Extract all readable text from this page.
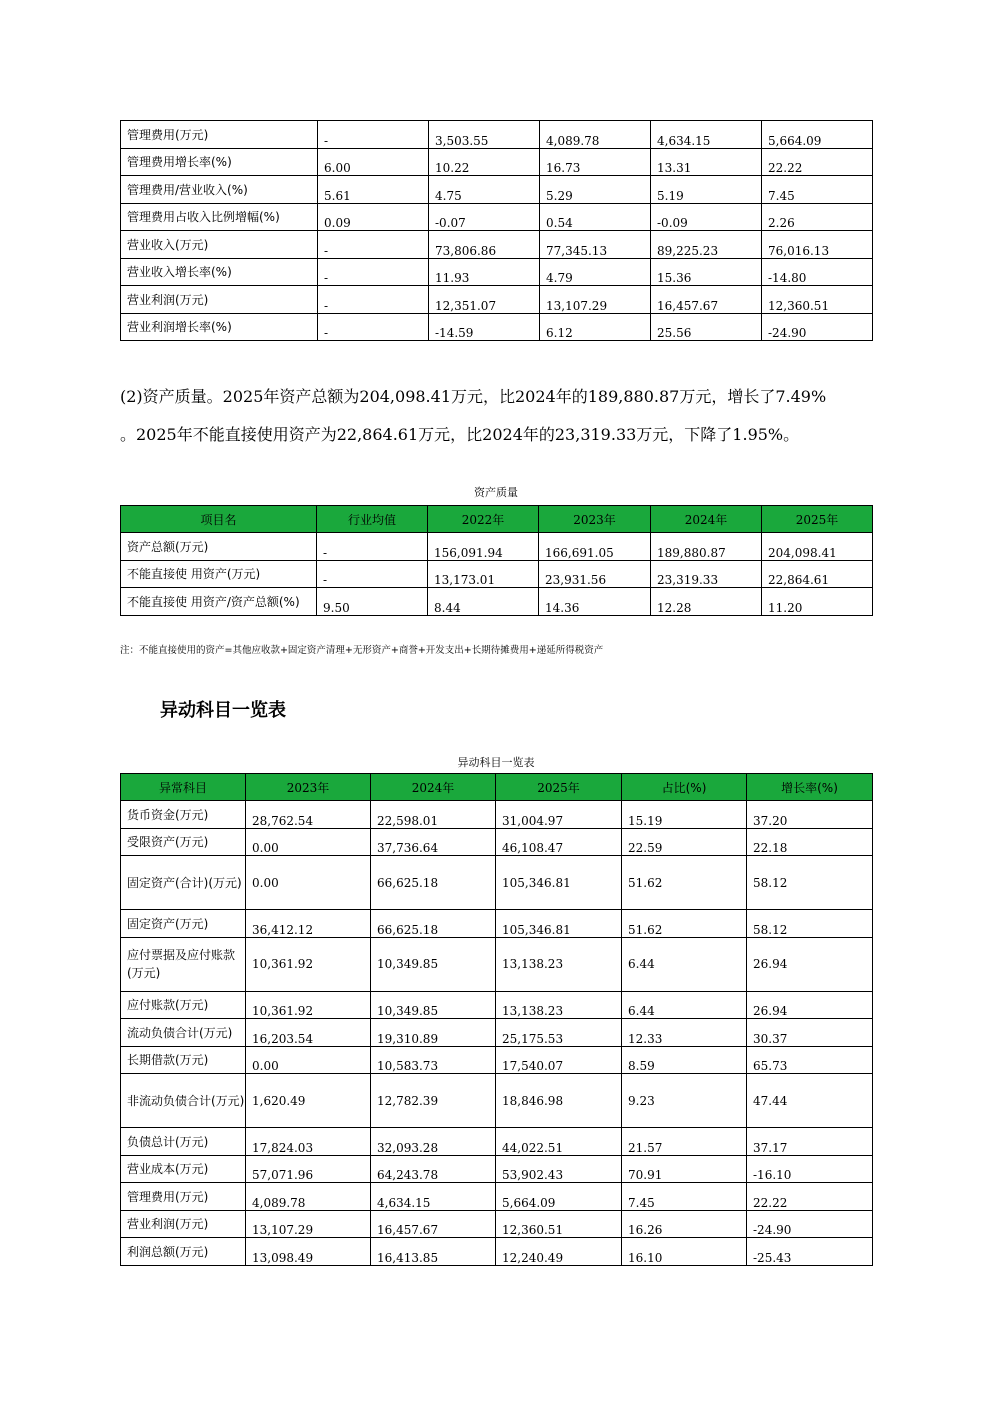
管理费用(万元)	-	3,503.55	4,089.78	4,634.15	5,664.09
管理费用增长率(%)	6.00	10.22	16.73	13.31	22.22
管理费用/营业收入(%)	5.61	4.75	5.29	5.19	7.45
管理费用占收入比例增幅(%)	0.09	-0.07	0.54	-0.09	2.26
营业收入(万元)	-	73,806.86	77,345.13	89,225.23	76,016.13
营业收入增长率(%)	-	11.93	4.79	15.36	-14.80
营业利润(万元)	-	12,351.07	13,107.29	16,457.67	12,360.51
营业利润增长率(%)	-	-14.59	6.12	25.56	-24.90
(2)资产质量。2025年资产总额为204,098.41万元，比2024年的189,880.87万元，增长了7.49%
。2025年不能直接使用资产为22,864.61万元，比2024年的23,319.33万元，下降了1.95%。
资产质量
项目名	行业均值	2022年	2023年	2024年	2025年
资产总额(万元)	-	156,091.94	166,691.05	189,880.87	204,098.41
不能直接使 用资产(万元)	-	13,173.01	23,931.56	23,319.33	22,864.61
不能直接使 用资产/资产总额(%)	9.50	8.44	14.36	12.28	11.20
注：不能直接使用的资产=其他应收款+固定资产清理+无形资产+商誉+开发支出+长期待摊费用+递延所得税资产
异动科目一览表
异动科目一览表
异常科目	2023年	2024年	2025年	占比(%)	增长率(%)
货币资金(万元)	28,762.54	22,598.01	31,004.97	15.19	37.20
受限资产(万元)	0.00	37,736.64	46,108.47	22.59	22.18
固定资产(合计)(万元)	0.00	66,625.18	105,346.81	51.62	58.12
固定资产(万元)	36,412.12	66,625.18	105,346.81	51.62	58.12
应付票据及应付账款(万元)	10,361.92	10,349.85	13,138.23	6.44	26.94
应付账款(万元)	10,361.92	10,349.85	13,138.23	6.44	26.94
流动负债合计(万元)	16,203.54	19,310.89	25,175.53	12.33	30.37
长期借款(万元)	0.00	10,583.73	17,540.07	8.59	65.73
非流动负债合计(万元)	1,620.49	12,782.39	18,846.98	9.23	47.44
负债总计(万元)	17,824.03	32,093.28	44,022.51	21.57	37.17
营业成本(万元)	57,071.96	64,243.78	53,902.43	70.91	-16.10
管理费用(万元)	4,089.78	4,634.15	5,664.09	7.45	22.22
营业利润(万元)	13,107.29	16,457.67	12,360.51	16.26	-24.90
利润总额(万元)	13,098.49	16,413.85	12,240.49	16.10	-25.43
